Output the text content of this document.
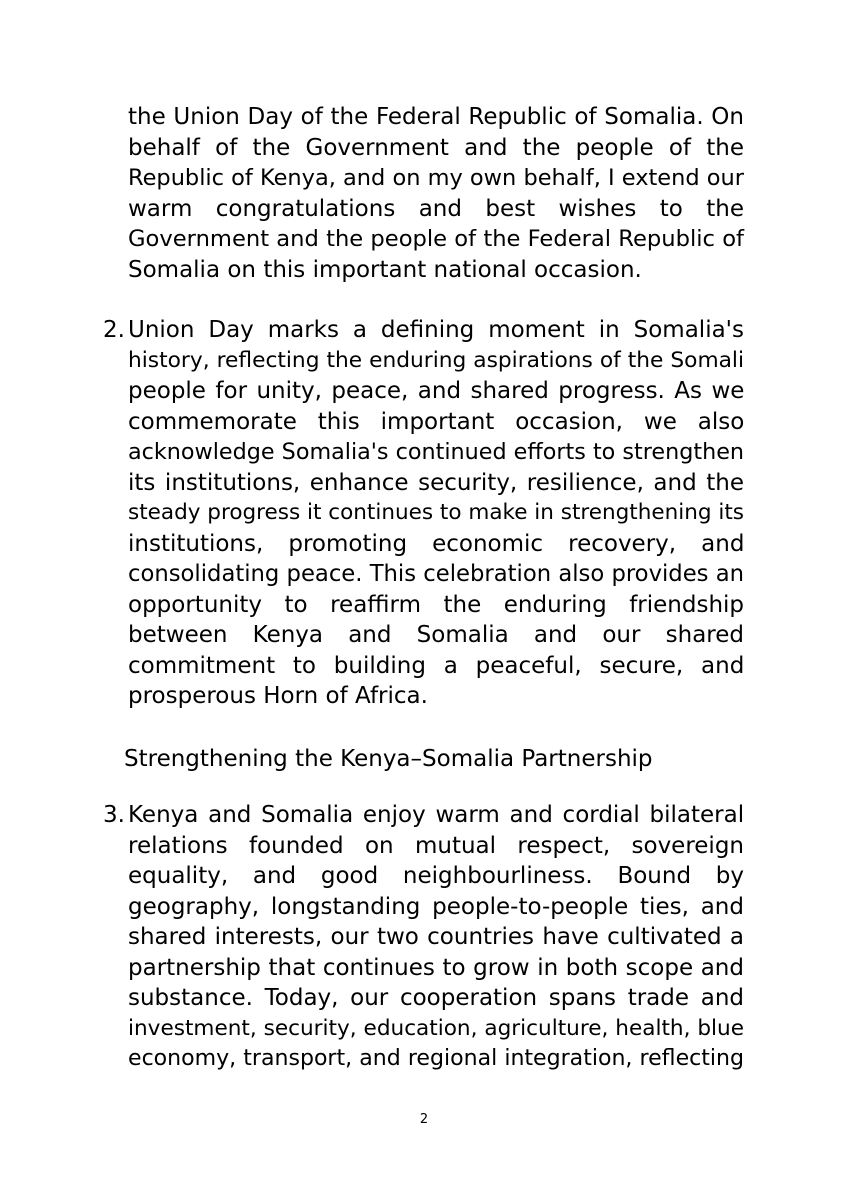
the Union Day of the Federal Republic of Somalia. On
behalf of the Government and the people of the
Republic of Kenya, and on my own behalf, I extend our
warm congratulations and best wishes to the
Government and the people of the Federal Republic of
Somalia on this important national occasion.
2. Union Day marks a defining moment in Somalia's
history, reflecting the enduring aspirations of the Somali
people for unity, peace, and shared progress. As we
commemorate this important occasion, we also
acknowledge Somalia's continued efforts to strengthen
its institutions, enhance security, resilience, and the
steady progress it continues to make in strengthening its
institutions, promoting economic recovery, and
consolidating peace. This celebration also provides an
opportunity to reaffirm the enduring friendship
between Kenya and Somalia and our shared
commitment to building a peaceful, secure, and
prosperous Horn of Africa.
Strengthening the Kenya–Somalia Partnership
3. Kenya and Somalia enjoy warm and cordial bilateral
relations founded on mutual respect, sovereign
equality, and good neighbourliness. Bound by
geography, longstanding people-to-people ties, and
shared interests, our two countries have cultivated a
partnership that continues to grow in both scope and
substance. Today, our cooperation spans trade and
investment, security, education, agriculture, health, blue
economy, transport, and regional integration, reflecting
2
